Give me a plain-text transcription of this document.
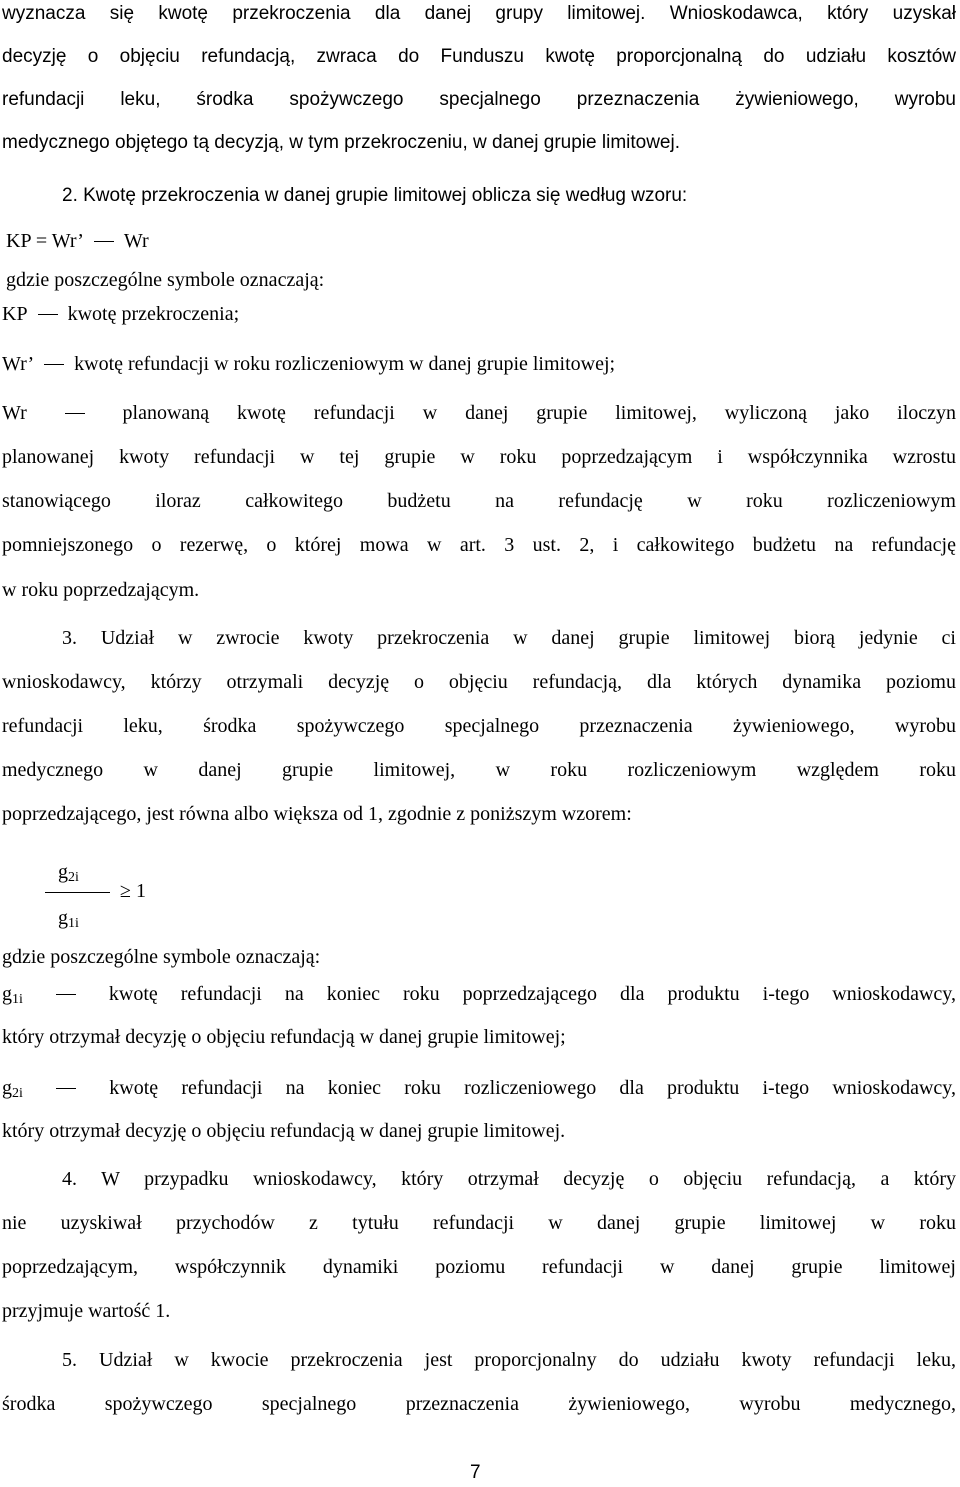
wyznacza się kwotę przekroczenia dla danej grupy limitowej. Wnioskodawca, który uzyskał
decyzję o objęciu refundacją, zwraca do Funduszu kwotę proporcjonalną do udziału kosztów
refundacji leku, środka spożywczego specjalnego przeznaczenia żywieniowego, wyrobu
medycznego objętego tą decyzją, w tym przekroczeniu, w danej grupie limitowej.
2. Kwotę przekroczenia w danej grupie limitowej oblicza się według wzoru:
KP = Wr’ Wr
gdzie poszczególne symbole oznaczają:
KP kwotę przekroczenia;
Wr’ kwotę refundacji w roku rozliczeniowym w danej grupie limitowej;
Wr	planowaną kwotę refundacji w danej grupie limitowej, wyliczoną jako iloczyn
planowanej kwoty refundacji w tej grupie w roku poprzedzającym i współczynnika wzrostu
stanowiącego iloraz całkowitego budżetu na refundację w roku rozliczeniowym
pomniejszonego o rezerwę, o której mowa w art. 3 ust. 2, i całkowitego budżetu na refundację
w roku poprzedzającym.
3. Udział w zwrocie kwoty przekroczenia w danej grupie limitowej biorą jedynie ci
wnioskodawcy, którzy otrzymali decyzję o objęciu refundacją, dla których dynamika poziomu
refundacji leku, środka spożywczego specjalnego przeznaczenia żywieniowego, wyrobu
medycznego w danej grupie limitowej, w roku rozliczeniowym względem roku
poprzedzającego, jest równa albo większa od 1, zgodnie z poniższym wzorem:
$g_{2i}$
≥ 1
$g_{1i}$
gdzie poszczególne symbole oznaczają:
$g_{1i}$	kwotę refundacji na koniec roku poprzedzającego dla produktu i-tego wnioskodawcy,
który otrzymał decyzję o objęciu refundacją w danej grupie limitowej;
$g_{2i}$	kwotę refundacji na koniec roku rozliczeniowego dla produktu i-tego wnioskodawcy,
który otrzymał decyzję o objęciu refundacją w danej grupie limitowej.
4. W przypadku wnioskodawcy, który otrzymał decyzję o objęciu refundacją, a który
nie uzyskiwał przychodów z tytułu refundacji w danej grupie limitowej w roku
poprzedzającym, współczynnik dynamiki poziomu refundacji w danej grupie limitowej
przyjmuje wartość 1.
5. Udział w kwocie przekroczenia jest proporcjonalny do udziału kwoty refundacji leku,
środka spożywczego specjalnego przeznaczenia żywieniowego, wyrobu medycznego,
7
